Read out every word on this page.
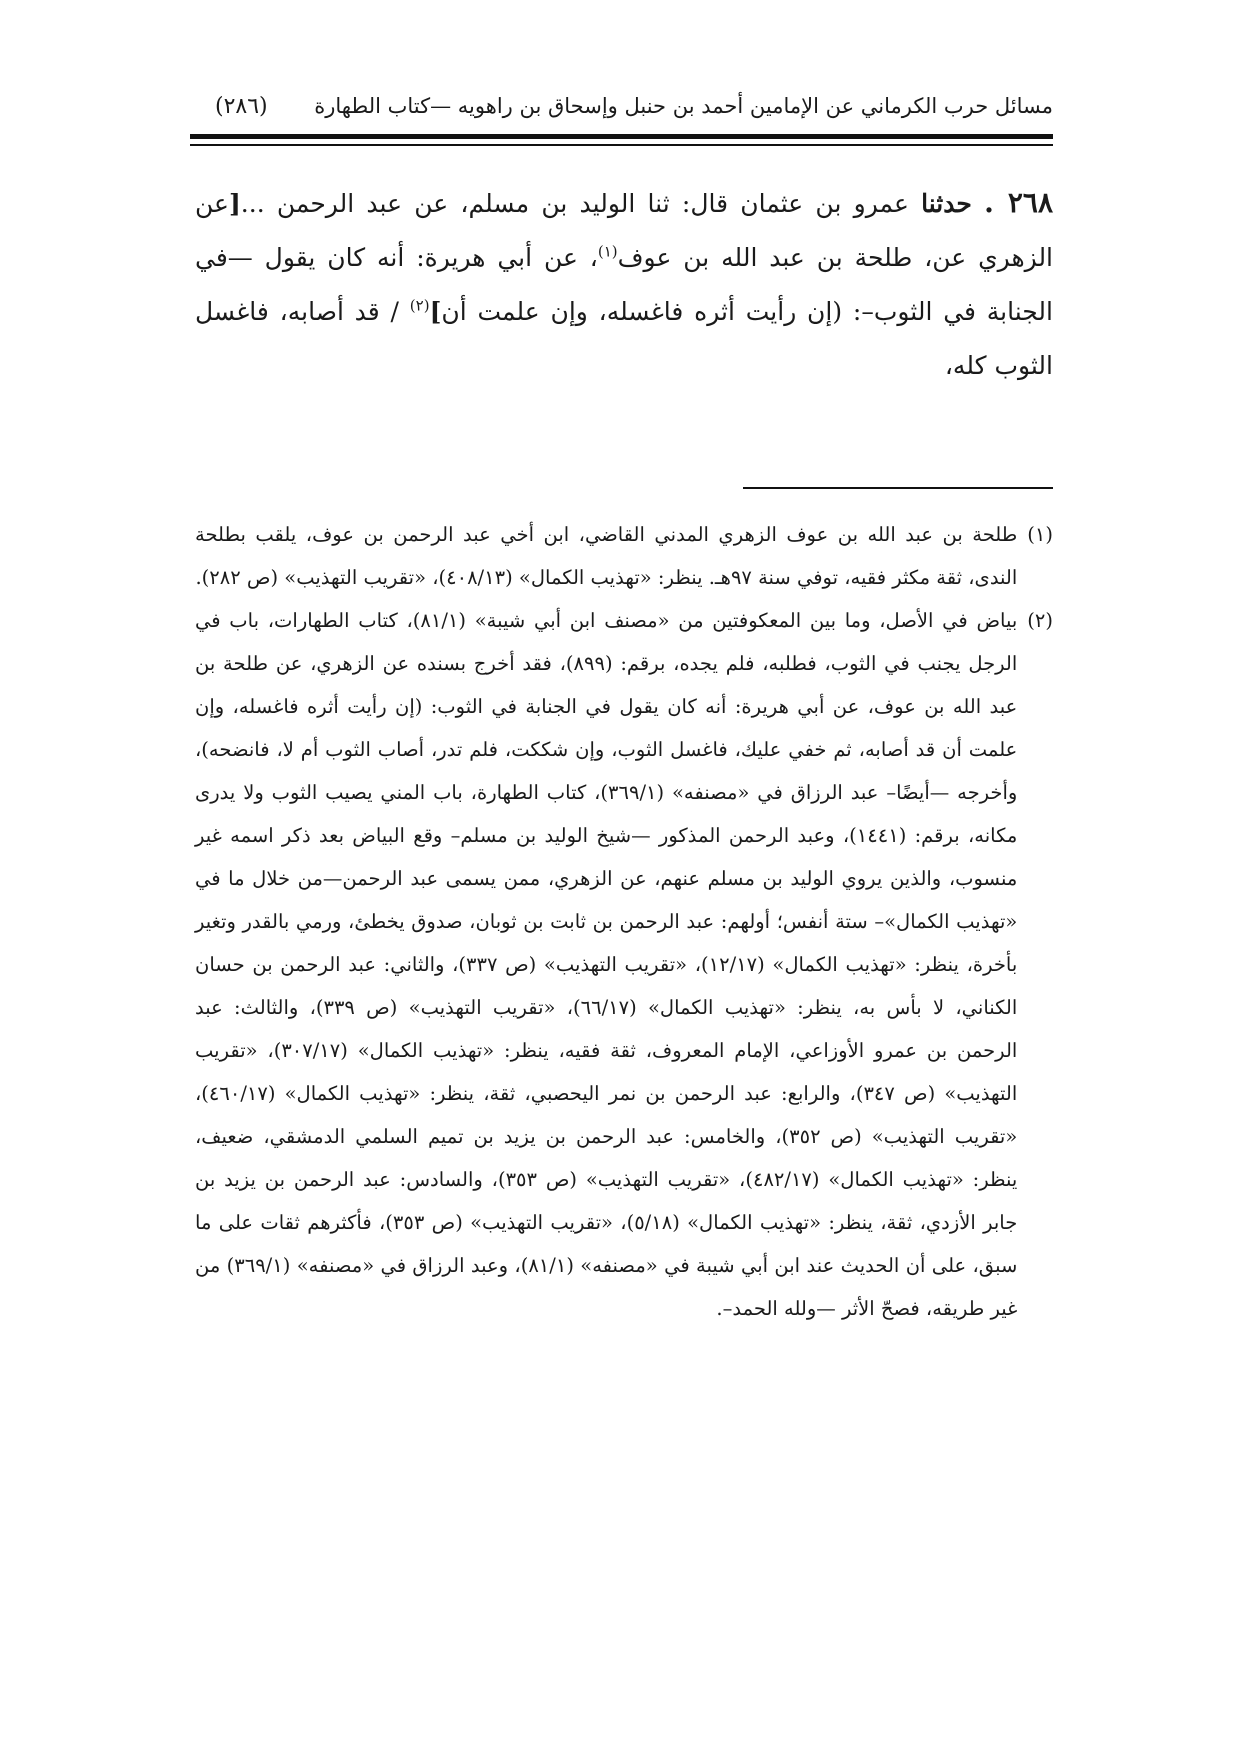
مسائل حرب الكرماني عن الإمامين أحمد بن حنبل وإسحاق بن راهويه —كتاب الطهارة
(٢٨٦)

٢٦٨ . حدثنا عمرو بن عثمان قال: ثنا الوليد بن مسلم، عن عبد الرحمن ...[عن الزهري عن، طلحة بن عبد الله بن عوف$^{(١)}$، عن أبي هريرة: أنه كان يقول —في الجنابة في الثوب–: (إن رأيت أثره فاغسله، وإن علمت أن]$^{(٢)}$ / قد أصابه، فاغسل الثوب كله،

(١)
طلحة بن عبد الله بن عوف الزهري المدني القاضي، ابن أخي عبد الرحمن بن عوف، يلقب بطلحة الندى، ثقة مكثر فقيه، توفي سنة ٩٧هـ. ينظر: «تهذيب الكمال» (٤٠٨/١٣)، «تقريب التهذيب» (ص ٢٨٢).

(٢)
بياض في الأصل، وما بين المعكوفتين من «مصنف ابن أبي شيبة» (٨١/١)، كتاب الطهارات، باب في الرجل يجنب في الثوب، فطلبه، فلم يجده، برقم: (٨٩٩)، فقد أخرج بسنده عن الزهري، عن طلحة بن عبد الله بن عوف، عن أبي هريرة: أنه كان يقول في الجنابة في الثوب: (إن رأيت أثره فاغسله، وإن علمت أن قد أصابه، ثم خفي عليك، فاغسل الثوب، وإن شككت، فلم تدر، أصاب الثوب أم لا، فانضحه)، وأخرجه —أيضًا– عبد الرزاق في «مصنفه» (٣٦٩/١)، كتاب الطهارة، باب المني يصيب الثوب ولا يدرى مكانه، برقم: (١٤٤١)، وعبد الرحمن المذكور —شيخ الوليد بن مسلم– وقع البياض بعد ذكر اسمه غير منسوب، والذين يروي الوليد بن مسلم عنهم، عن الزهري، ممن يسمى عبد الرحمن—من خلال ما في «تهذيب الكمال»– ستة أنفس؛ أولهم: عبد الرحمن بن ثابت بن ثوبان، صدوق يخطئ، ورمي بالقدر وتغير بأخرة، ينظر: «تهذيب الكمال» (١٢/١٧)، «تقريب التهذيب» (ص ٣٣٧)، والثاني: عبد الرحمن بن حسان الكناني، لا بأس به، ينظر: «تهذيب الكمال» (٦٦/١٧)، «تقريب التهذيب» (ص ٣٣٩)، والثالث: عبد الرحمن بن عمرو الأوزاعي، الإمام المعروف، ثقة فقيه، ينظر: «تهذيب الكمال» (٣٠٧/١٧)، «تقريب التهذيب» (ص ٣٤٧)، والرابع: عبد الرحمن بن نمر اليحصبي، ثقة، ينظر: «تهذيب الكمال» (٤٦٠/١٧)، «تقريب التهذيب» (ص ٣٥٢)، والخامس: عبد الرحمن بن يزيد بن تميم السلمي الدمشقي، ضعيف، ينظر: «تهذيب الكمال» (٤٨٢/١٧)، «تقريب التهذيب» (ص ٣٥٣)، والسادس: عبد الرحمن بن يزيد بن جابر الأزدي، ثقة، ينظر: «تهذيب الكمال» (٥/١٨)، «تقريب التهذيب» (ص ٣٥٣)، فأكثرهم ثقات على ما سبق، على أن الحديث عند ابن أبي شيبة في «مصنفه» (٨١/١)، وعبد الرزاق في «مصنفه» (٣٦٩/١) من غير طريقه، فصحّ الأثر —ولله الحمد–.
